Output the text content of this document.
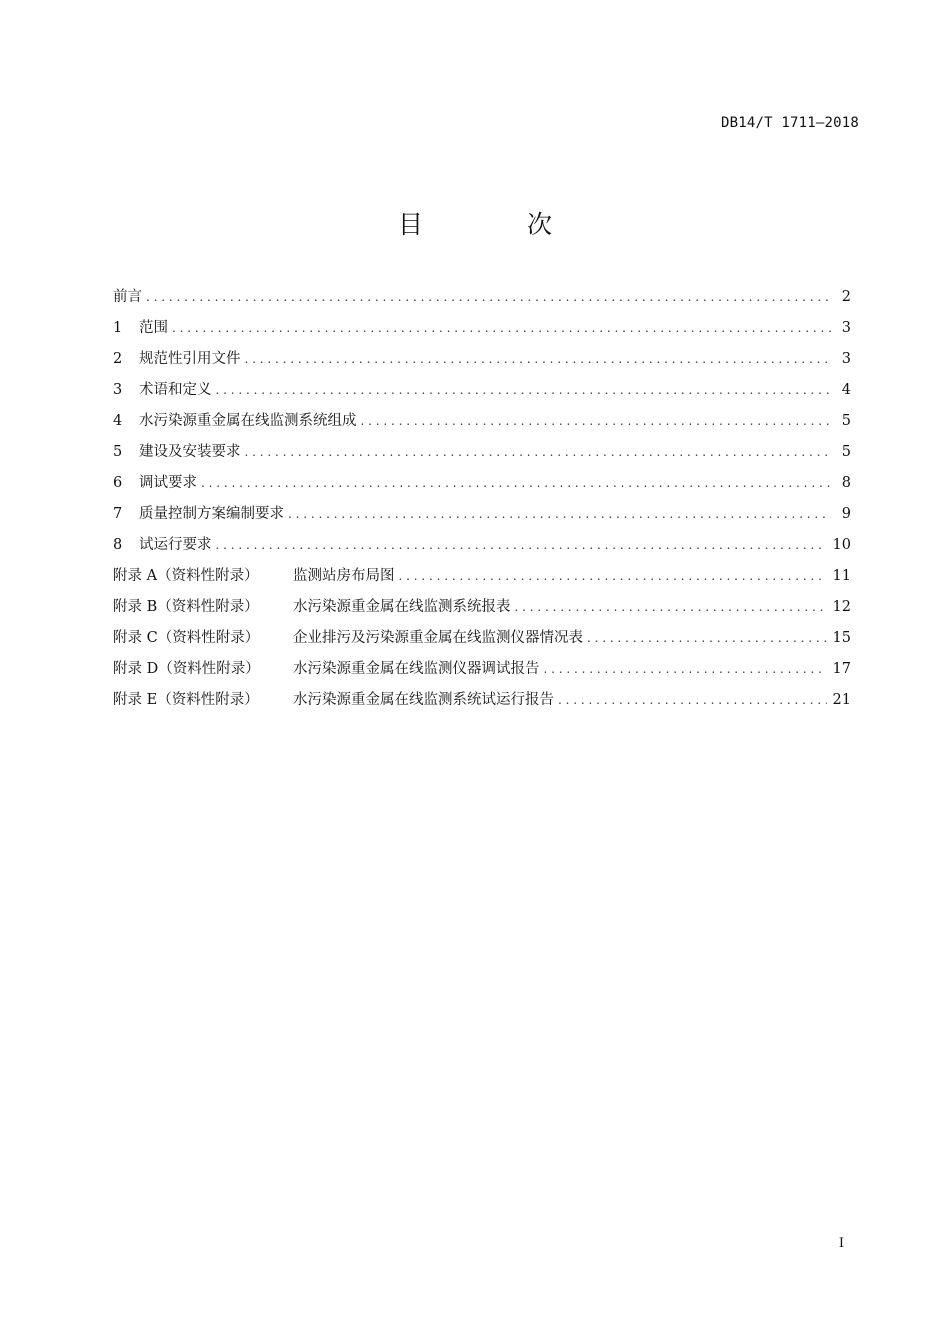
DB14/T 1711—2018
目 次
前言 . . .	2
1 范围 . . .	3
2 规范性引用文件 . . .	3
3 术语和定义 . . .	4
4 水污染源重金属在线监测系统组成 . . .	5
5 建设及安装要求 . . .	5
6 调试要求 . . .	8
7 质量控制方案编制要求 . . .	9
8 试运行要求 . . .	10
附录 A（资料性附录） 监测站房布局图 . . .	11
附录 B（资料性附录） 水污染源重金属在线监测系统报表 . . .	12
附录 C（资料性附录） 企业排污及污染源重金属在线监测仪器情况表 . . .	15
附录 D（资料性附录） 水污染源重金属在线监测仪器调试报告 . . .	17
附录 E（资料性附录） 水污染源重金属在线监测系统试运行报告 . . .	21
I
